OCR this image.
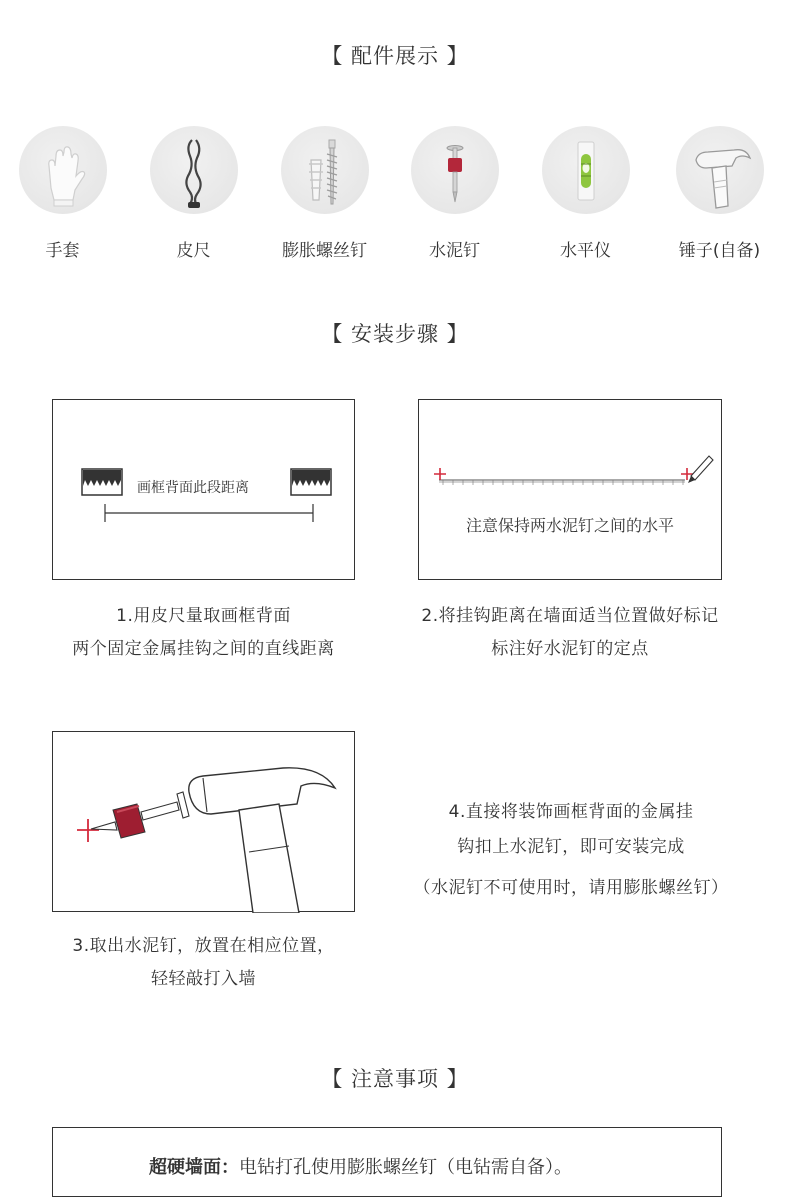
【 配件展示 】
手套	皮尺	膨胀螺丝钉	水泥钉	水平仪	锤子(自备)
【 安装步骤 】
画框背面此段距离
注意保持两水泥钉之间的水平
1.用皮尺量取画框背面
两个固定金属挂钩之间的直线距离
2.将挂钩距离在墙面适当位置做好标记
标注好水泥钉的定点
3.取出水泥钉，放置在相应位置，
轻轻敲打入墙
4.直接将装饰画框背面的金属挂
钩扣上水泥钉，即可安装完成
（水泥钉不可使用时，请用膨胀螺丝钉）
【 注意事项 】
超硬墙面：电钻打孔使用膨胀螺丝钉（电钻需自备）。
